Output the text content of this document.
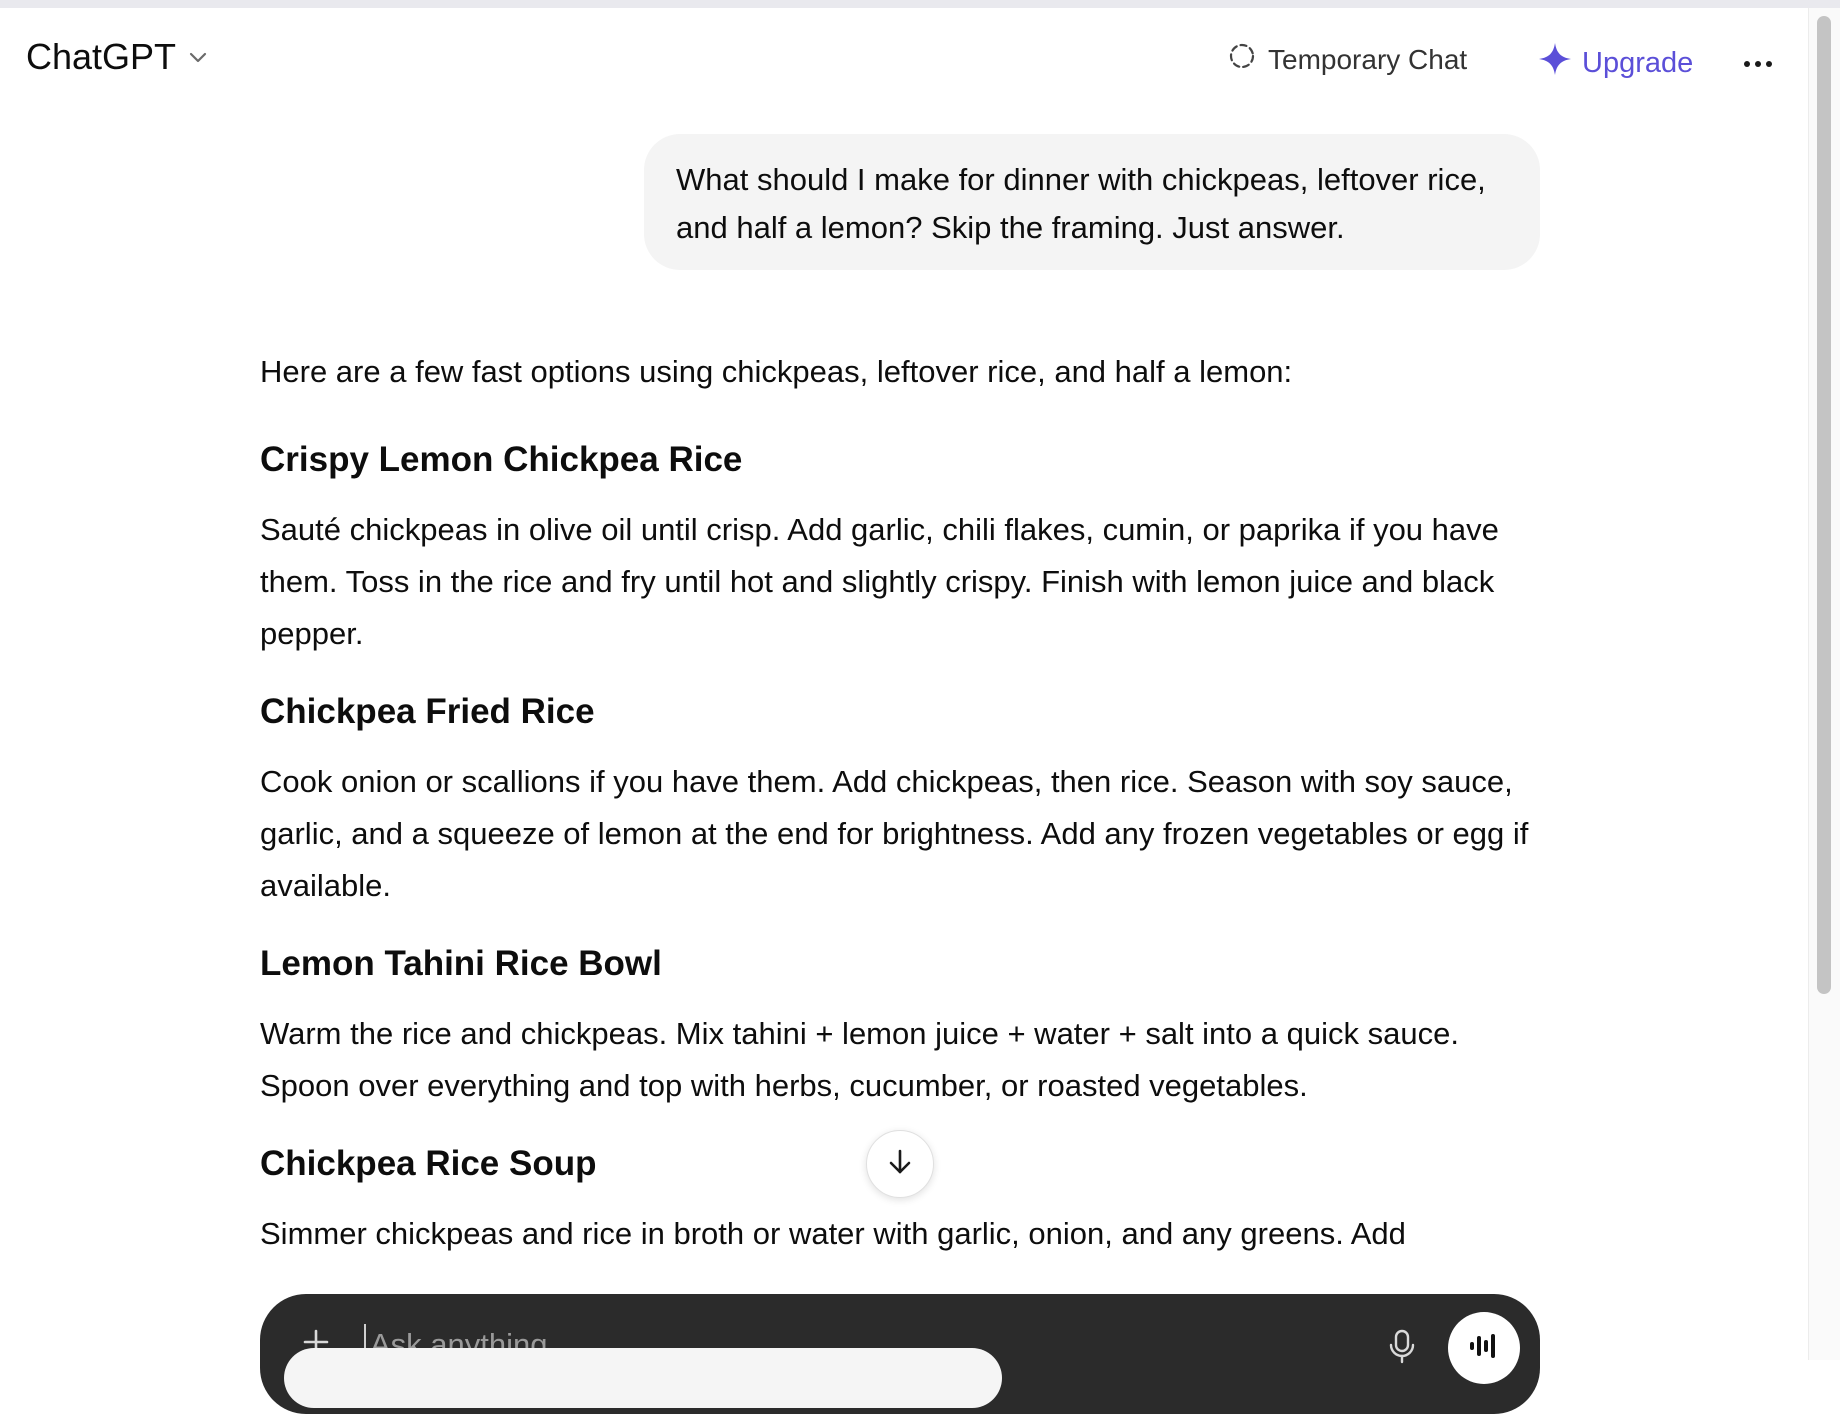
ChatGPT	Temporary Chat	Upgrade
What should I make for dinner with chickpeas, leftover rice, and half a lemon? Skip the framing. Just answer.

Here are a few fast options using chickpeas, leftover rice, and half a lemon:

Crispy Lemon Chickpea Rice

Sauté chickpeas in olive oil until crisp. Add garlic, chili flakes, cumin, or paprika if you have them. Toss in the rice and fry until hot and slightly crispy. Finish with lemon juice and black pepper.

Chickpea Fried Rice

Cook onion or scallions if you have them. Add chickpeas, then rice. Season with soy sauce, garlic, and a squeeze of lemon at the end for brightness. Add any frozen vegetables or egg if available.

Lemon Tahini Rice Bowl

Warm the rice and chickpeas. Mix tahini + lemon juice + water + salt into a quick sauce. Spoon over everything and top with herbs, cucumber, or roasted vegetables.

Chickpea Rice Soup

Simmer chickpeas and rice in broth or water with garlic, onion, and any greens. Add

Ask anything
